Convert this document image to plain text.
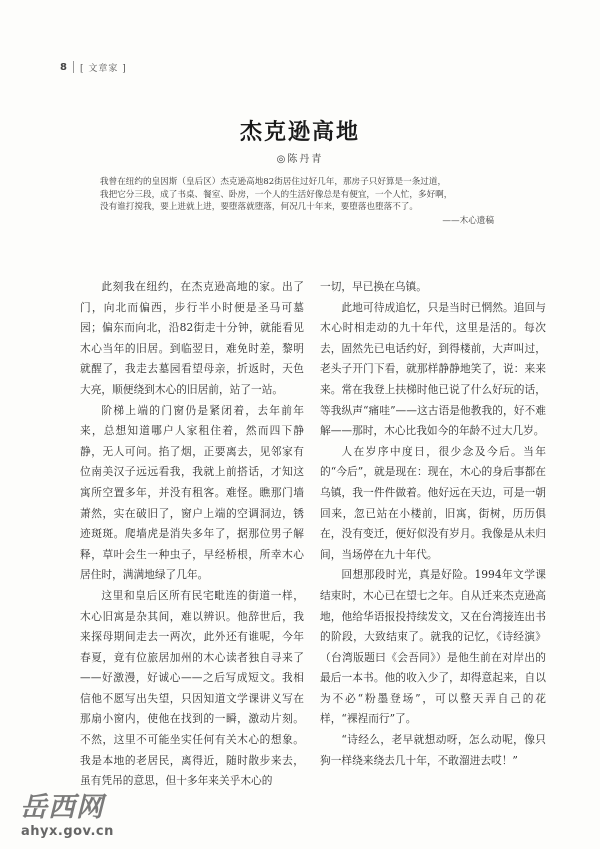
8 [ 文章家 ]
杰克逊高地
◎陈丹青
我曾在纽约的皇因斯（皇后区）杰克逊高地82街居住过好几年，那房子只好算是一条过道，
我把它分三段，成了书桌、餐室、卧房，一个人的生活好像总是有便宜，一个人忙，多好啊，
没有谁打搅我，要上进就上进，要堕落就堕落，何况几十年来，要堕落也堕落不了。
——木心遗稿

此刻我在纽约，在杰克逊高地的家。出了门，向北而偏西，步行半小时便是圣马可墓园；偏东而向北，沿82街走十分钟，就能看见木心当年的旧居。到临翌日，难免时差，黎明就醒了，我走去墓园看望母亲，折返时，天色大亮，顺便绕到木心的旧居前，站了一站。

阶梯上端的门窗仍是紧闭着，去年前年来，总想知道哪户人家租住着，然而四下静静，无人可问。掐了烟，正要离去，见邻家有位南美汉子远远看我，我就上前搭话，才知这寓所空置多年，并没有租客。难怪。瞧那门墙萧然，实在破旧了，窗户上端的空调洞边，锈迹斑斑。爬墙虎是消失多年了，据那位男子解释，草叶会生一种虫子，早经桥根，所幸木心居住时，满满地绿了几年。

这里和皇后区所有民宅毗连的街道一样，木心旧寓是杂其间，难以辨识。他辞世后，我来探母期间走去一两次，此外还有谁呢，今年春夏，竟有位旅居加州的木心读者独自寻来了——好激漫，好诚心——之后写成短文。我相信他不愿写出失望，只因知道文学课讲义写在那扇小窗内，使他在找到的一瞬，激动片刻。不然，这里不可能坐实任何有关木心的想象。我是本地的老居民，离得近，随时散步来去，虽有凭吊的意思，但十多年来关乎木心的

一切，早已换在乌镇。

此地可待成追忆，只是当时已惘然。追回与木心时相走动的九十年代，这里是活的。每次去，固然先已电话约好，到得楼前，大声叫过，老头子开门下看，就那样静静地笑了，说：来来来。常在我登上扶梯时他已说了什么好玩的话，等我纵声“痛哇”——这古语是他教我的，好不难解——那时，木心比我如今的年龄不过大几岁。

人在岁序中度日，很少念及今后。当年的“今后”，就是现在：现在，木心的身后事都在乌镇，我一件件做着。他好远在天边，可是一朝回来，忽已站在小楼前，旧寓，街树，历历俱在，没有变迁，便好似没有岁月。我像是从未归间，当场停在九十年代。

回想那段时光，真是好险。1994年文学课结束时，木心已在望七之年。自从迁来杰克逊高地，他给华语报投持续发文，又在台湾接连出书的阶段，大致结束了。就我的记忆，《诗经演》（台湾版题曰《会吾同》）是他生前在对岸出的最后一本书。他的收入少了，却得意起来，自以为不必“粉墨登场”，可以整天弄自己的花样，“裸裎而行”了。

“诗经么，老早就想动呀，怎么动呢，像只狗一样绕来绕去几十年，不敢溜进去哎！”

岳西网
ahyx.gov.cn
